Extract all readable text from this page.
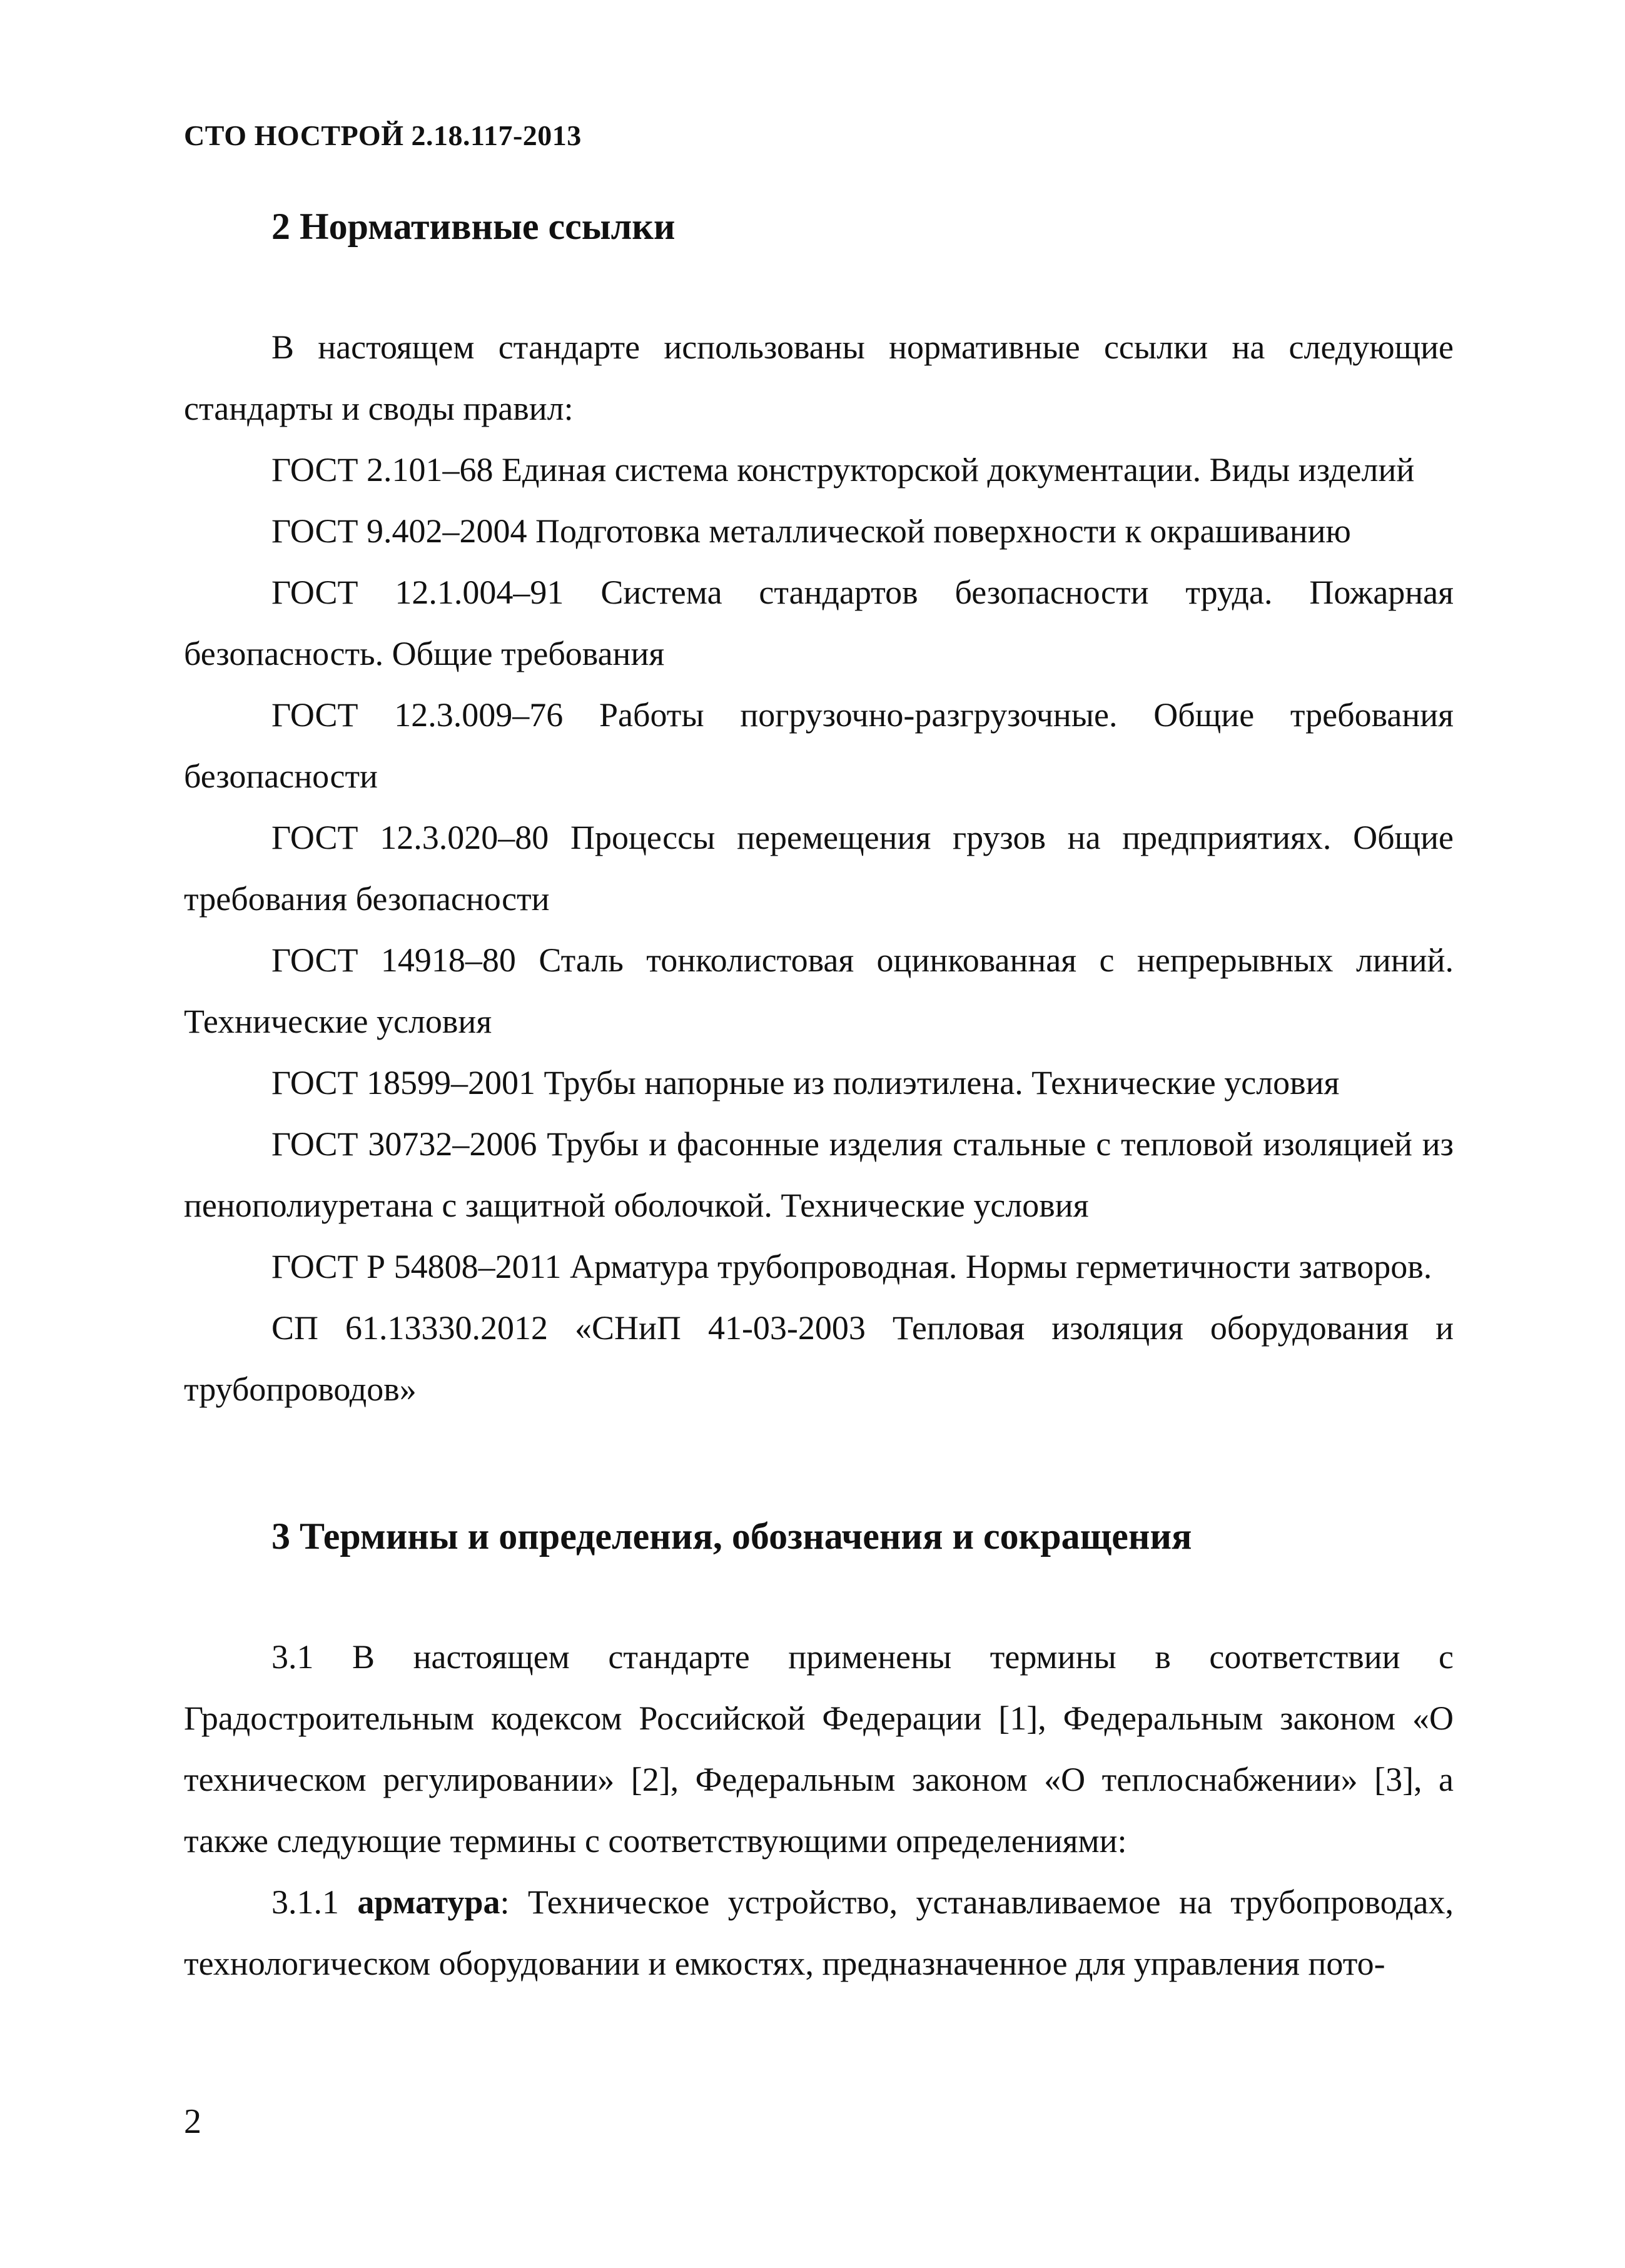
СТО НОСТРОЙ 2.18.117-2013
2 Нормативные ссылки

В настоящем стандарте использованы нормативные ссылки на следующие стандарты и своды правил:

ГОСТ 2.101–68 Единая система конструкторской документации. Виды изделий

ГОСТ 9.402–2004 Подготовка металлической поверхности к окрашиванию

ГОСТ 12.1.004–91 Система стандартов безопасности труда. Пожарная безопасность. Общие требования

ГОСТ 12.3.009–76 Работы погрузочно-разгрузочные. Общие требования безопасности

ГОСТ 12.3.020–80 Процессы перемещения грузов на предприятиях. Общие требования безопасности

ГОСТ 14918–80 Сталь тонколистовая оцинкованная с непрерывных линий. Технические условия

ГОСТ 18599–2001 Трубы напорные из полиэтилена. Технические условия

ГОСТ 30732–2006 Трубы и фасонные изделия стальные с тепловой изоляцией из пенополиуретана с защитной оболочкой. Технические условия

ГОСТ Р 54808–2011 Арматура трубопроводная. Нормы герметичности затворов.

СП 61.13330.2012 «СНиП 41-03-2003 Тепловая изоляция оборудования и трубопроводов»

3 Термины и определения, обозначения и сокращения

3.1 В настоящем стандарте применены термины в соответствии с Градостроительным кодексом Российской Федерации [1], Федеральным законом «О техническом регулировании» [2], Федеральным законом «О теплоснабжении» [3], а также следующие термины с соответствующими определениями:

3.1.1 арматура: Техническое устройство, устанавливаемое на трубопроводах, технологическом оборудовании и емкостях, предназначенное для управления пото-

2
